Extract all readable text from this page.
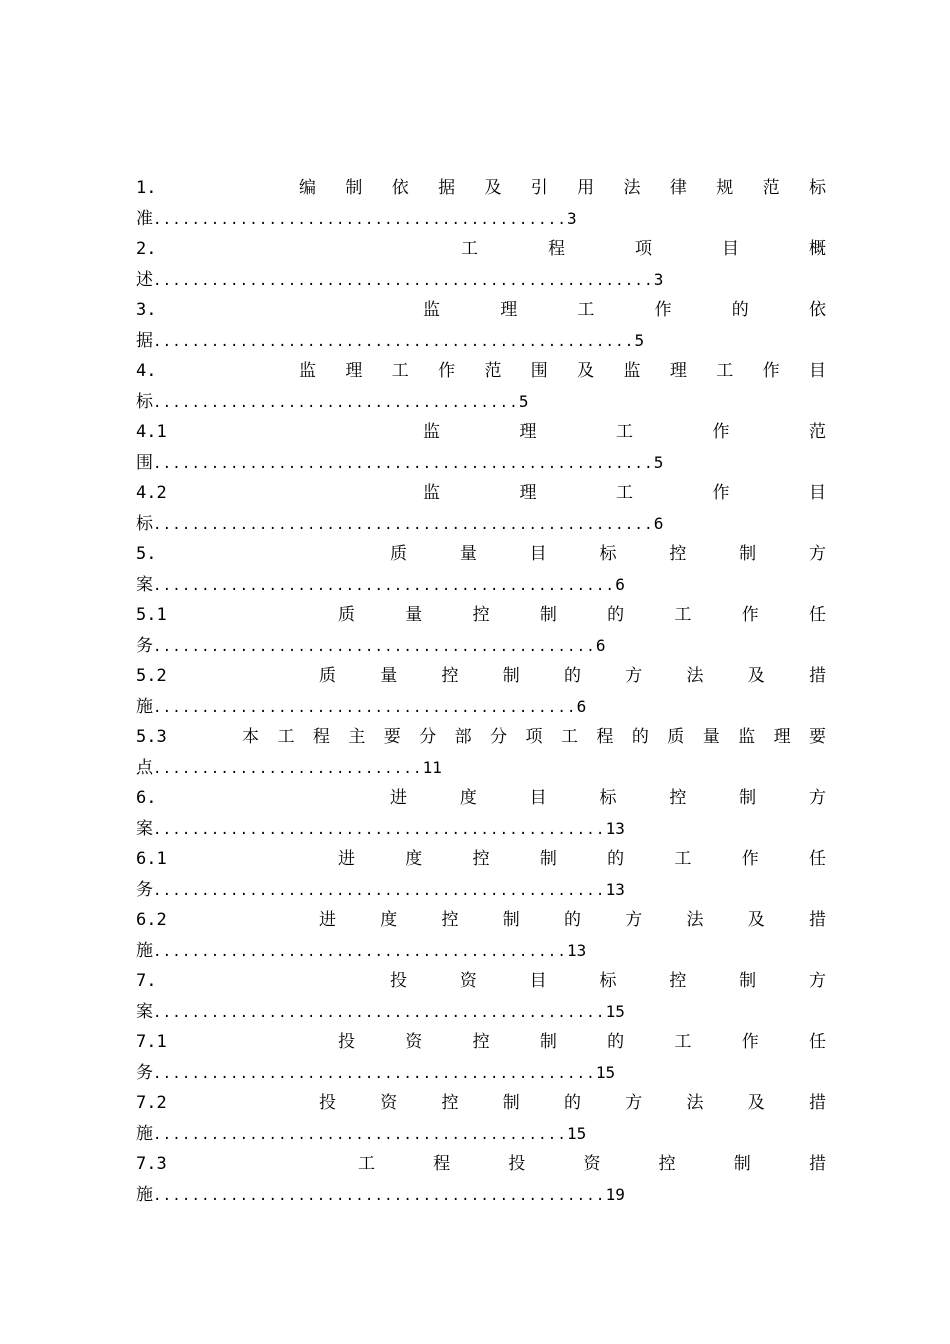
1.	编 制 依 据 及 引 用 法 律 规 范 标
准...........................................3
2.	工	程	项	目	概
述....................................................3
3.	监	理	工	作	的	依
据..................................................5
4.	监 理 工 作 范 围 及 监 理 工 作 目
标......................................5
4.1	监	理	工	作	范
围....................................................5
4.2	监	理	工	作	目
标....................................................6
5.	质	量	目	标	控	制	方
案................................................6
5.1	质	量	控	制	的	工	作	任
务..............................................6
5.2	质	量	控	制	的	方	法	及	措
施............................................6
5.3	本 工 程 主 要 分 部 分 项 工 程 的 质 量 监 理 要
点............................11
6.	进	度	目	标	控	制	方
案...............................................13
6.1	进	度	控	制	的	工	作	任
务...............................................13
6.2	进	度	控	制	的	方	法	及	措
施...........................................13
7.	投	资	目	标	控	制	方
案...............................................15
7.1	投	资	控	制	的	工	作	任
务..............................................15
7.2	投	资	控	制	的	方	法	及	措
施...........................................15
7.3	工	程	投	资	控	制	措
施...............................................19
